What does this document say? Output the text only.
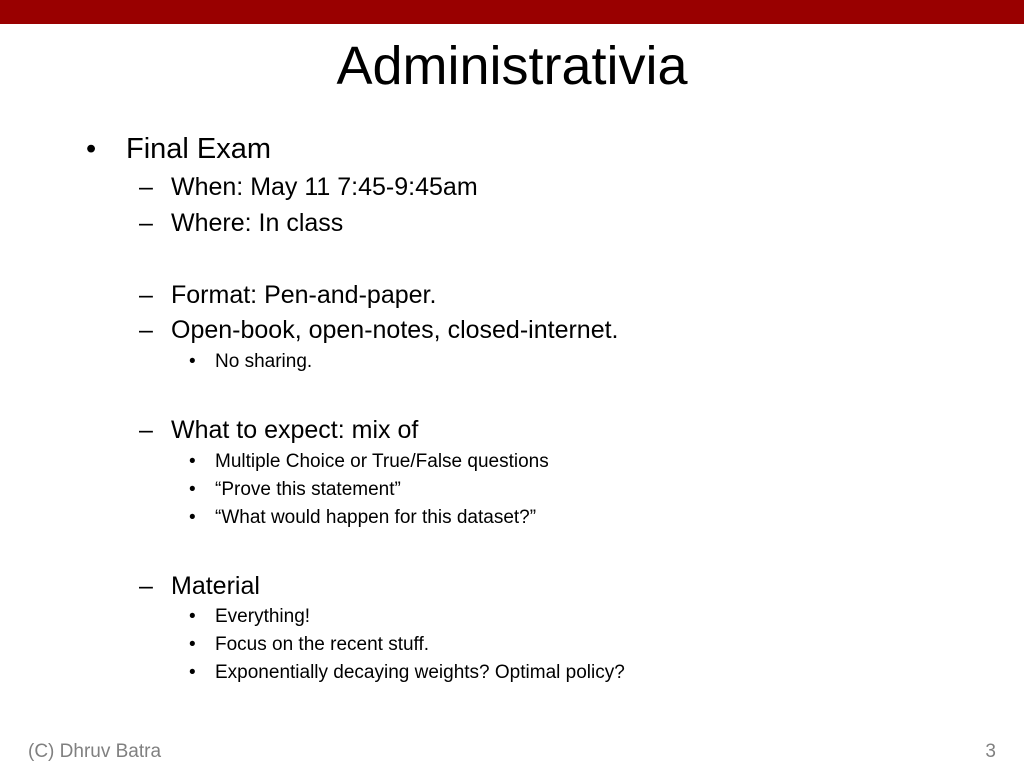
Administrativia
• Final Exam
– When: May 11 7:45-9:45am
– Where: In class
– Format: Pen-and-paper.
– Open-book, open-notes, closed-internet.
• No sharing.
– What to expect: mix of
• Multiple Choice or True/False questions
• “Prove this statement”
• “What would happen for this dataset?”
– Material
• Everything!
• Focus on the recent stuff.
• Exponentially decaying weights? Optimal policy?
(C) Dhruv Batra	3
